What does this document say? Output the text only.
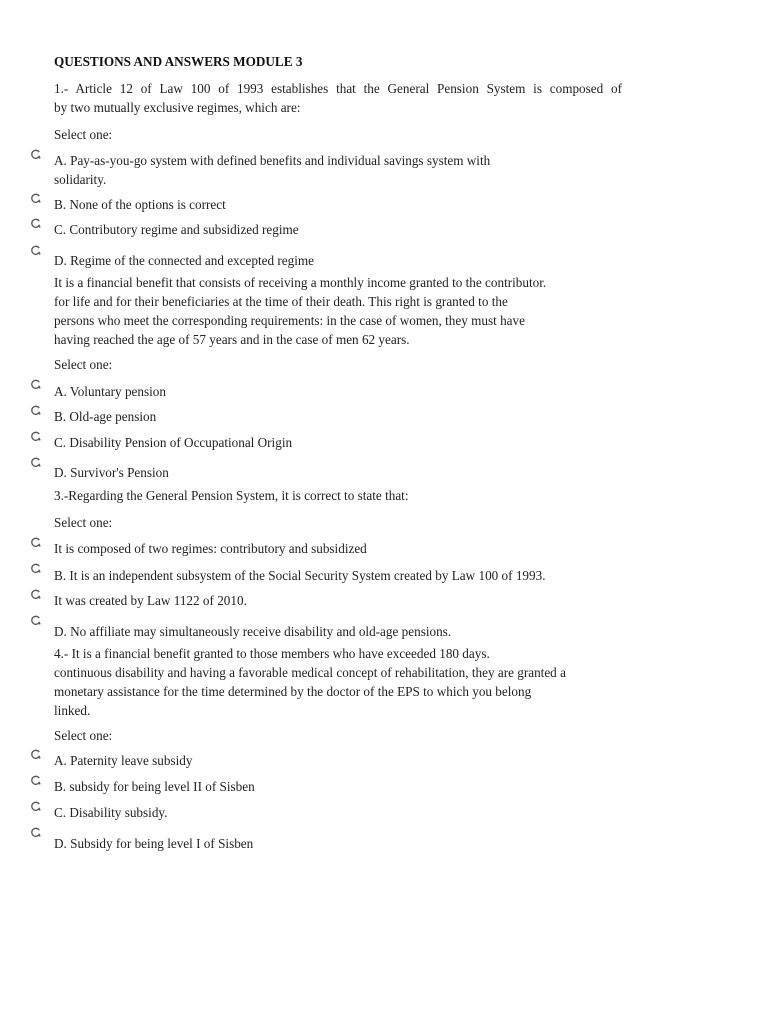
QUESTIONS AND ANSWERS MODULE 3
1.- Article 12 of Law 100 of 1993 establishes that the General Pension System is composed of
by two mutually exclusive regimes, which are:
Select one:
A. Pay-as-you-go system with defined benefits and individual savings system with
solidarity.
B. None of the options is correct
C. Contributory regime and subsidized regime
D. Regime of the connected and excepted regime
It is a financial benefit that consists of receiving a monthly income granted to the contributor.
for life and for their beneficiaries at the time of their death. This right is granted to the
persons who meet the corresponding requirements: in the case of women, they must have
having reached the age of 57 years and in the case of men 62 years.
Select one:
A. Voluntary pension
B. Old-age pension
C. Disability Pension of Occupational Origin
D. Survivor's Pension
3.-Regarding the General Pension System, it is correct to state that:
Select one:
It is composed of two regimes: contributory and subsidized
B. It is an independent subsystem of the Social Security System created by Law 100 of 1993.
It was created by Law 1122 of 2010.
D. No affiliate may simultaneously receive disability and old-age pensions.
4.- It is a financial benefit granted to those members who have exceeded 180 days.
continuous disability and having a favorable medical concept of rehabilitation, they are granted a
monetary assistance for the time determined by the doctor of the EPS to which you belong
linked.
Select one:
A. Paternity leave subsidy
B. subsidy for being level II of Sisben
C. Disability subsidy.
D. Subsidy for being level I of Sisben
